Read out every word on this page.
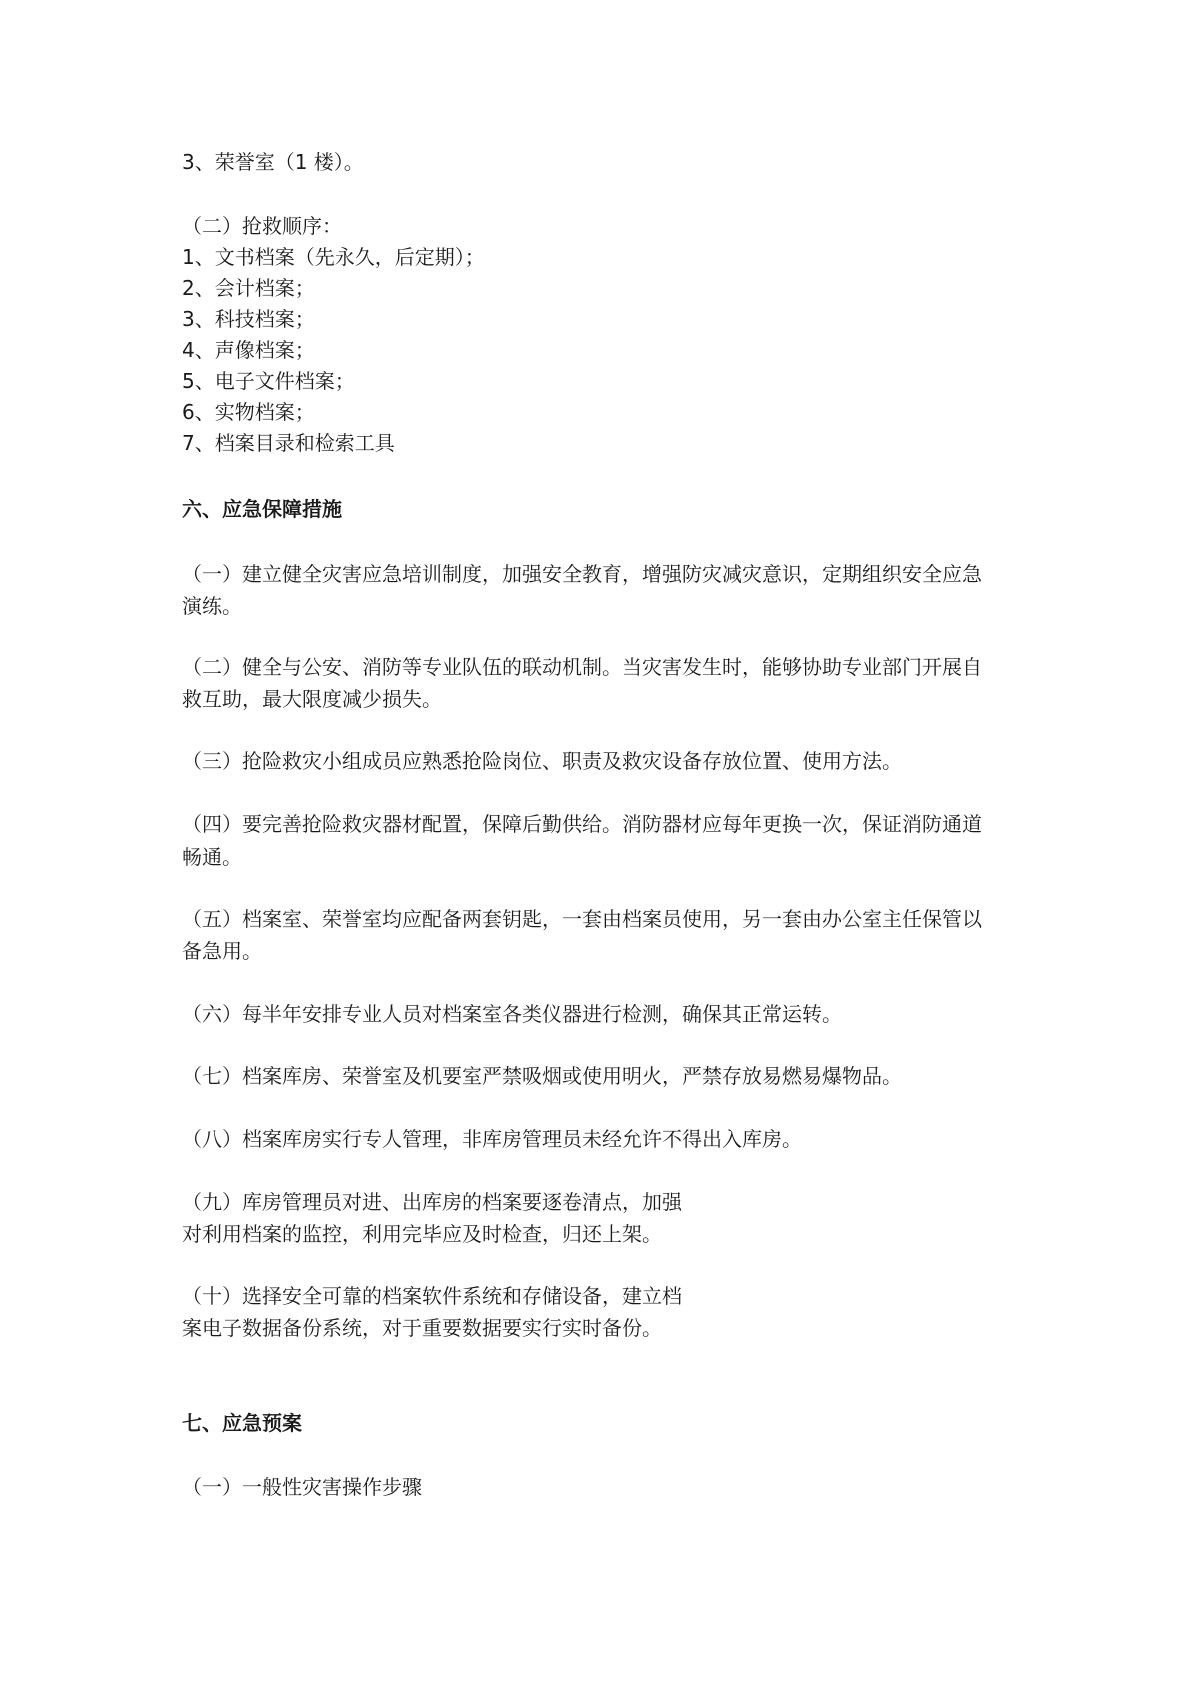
3、荣誉室（1 楼）。
（二）抢救顺序：
1、文书档案（先永久，后定期）；
2、会计档案；
3、科技档案；
4、声像档案；
5、电子文件档案；
6、实物档案；
7、档案目录和检索工具
六、应急保障措施
（一）建立健全灾害应急培训制度，加强安全教育，增强防灾减灾意识，定期组织安全应急
演练。
（二）健全与公安、消防等专业队伍的联动机制。当灾害发生时，能够协助专业部门开展自
救互助，最大限度减少损失。
（三）抢险救灾小组成员应熟悉抢险岗位、职责及救灾设备存放位置、使用方法。
（四）要完善抢险救灾器材配置，保障后勤供给。消防器材应每年更换一次，保证消防通道
畅通。
（五）档案室、荣誉室均应配备两套钥匙，一套由档案员使用，另一套由办公室主任保管以
备急用。
（六）每半年安排专业人员对档案室各类仪器进行检测，确保其正常运转。
（七）档案库房、荣誉室及机要室严禁吸烟或使用明火，严禁存放易燃易爆物品。
（八）档案库房实行专人管理，非库房管理员未经允许不得出入库房。
（九）库房管理员对进、出库房的档案要逐卷清点，加强
对利用档案的监控，利用完毕应及时检查，归还上架。
（十）选择安全可靠的档案软件系统和存储设备，建立档
案电子数据备份系统，对于重要数据要实行实时备份。
七、应急预案
（一）一般性灾害操作步骤
